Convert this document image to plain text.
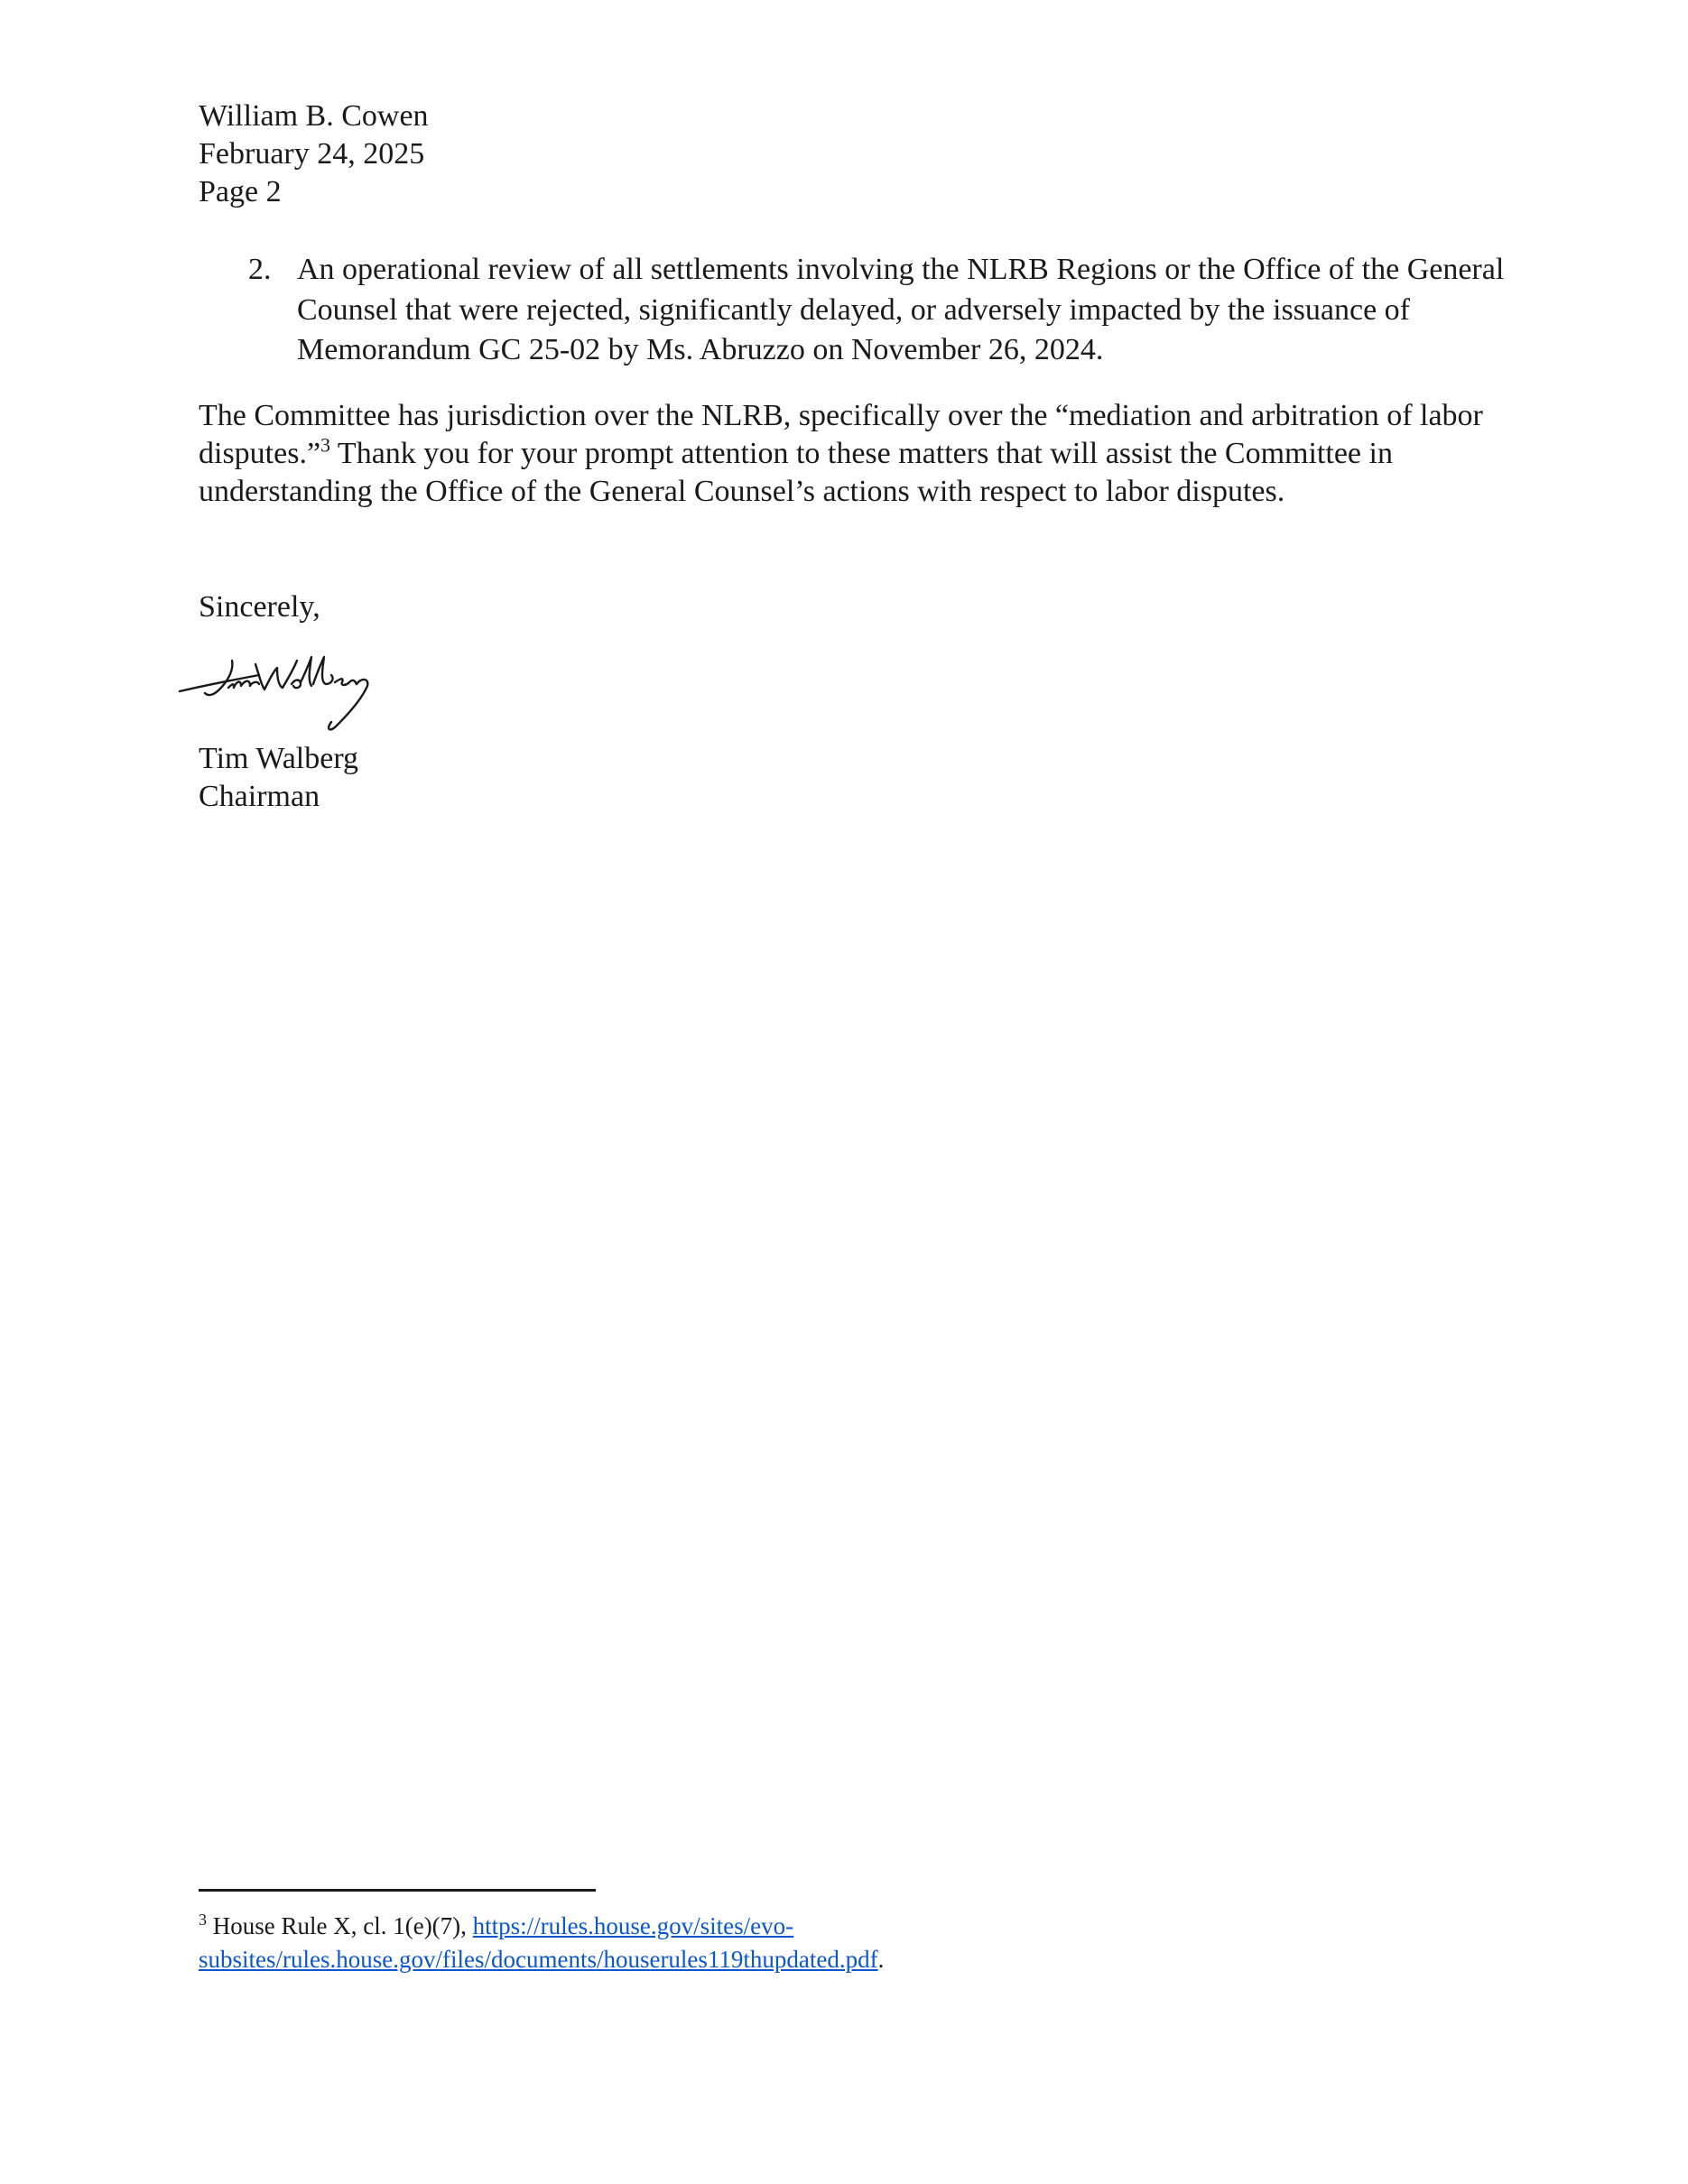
William B. Cowen
February 24, 2025
Page 2
2. An operational review of all settlements involving the NLRB Regions or the Office of the General Counsel that were rejected, significantly delayed, or adversely impacted by the issuance of Memorandum GC 25-02 by Ms. Abruzzo on November 26, 2024.
The Committee has jurisdiction over the NLRB, specifically over the “mediation and arbitration of labor disputes.”$^3$ Thank you for your prompt attention to these matters that will assist the Committee in understanding the Office of the General Counsel’s actions with respect to labor disputes.
Sincerely,
Tim Walberg
Chairman
$^3$ House Rule X, cl. 1(e)(7), https://rules.house.gov/sites/evo-
subsites/rules.house.gov/files/documents/houserules119thupdated.pdf.
